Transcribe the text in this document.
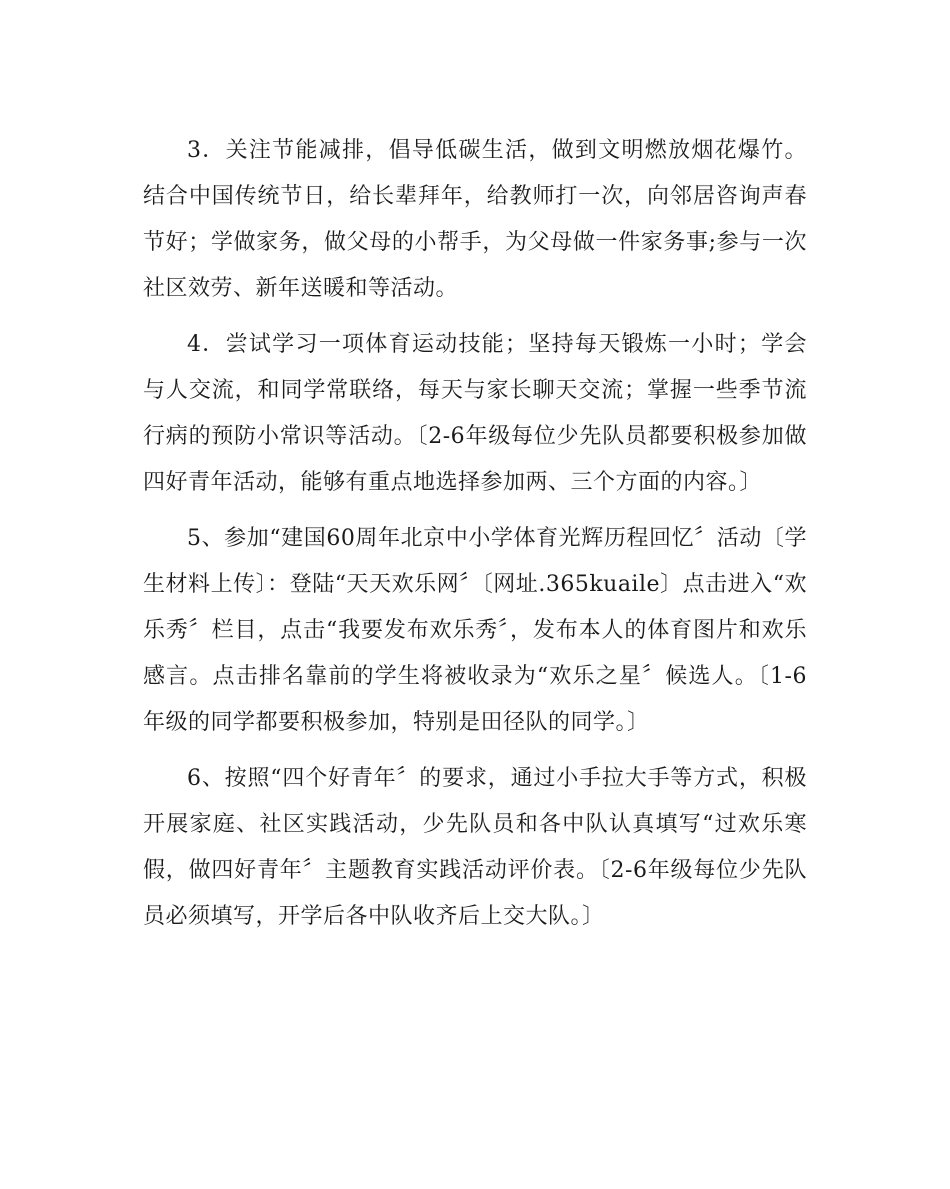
3．关注节能减排，倡导低碳生活，做到文明燃放烟花爆竹。结合中国传统节日，给长辈拜年，给教师打一次，向邻居咨询声春节好；学做家务，做父母的小帮手，为父母做一件家务事;参与一次社区效劳、新年送暖和等活动。

4．尝试学习一项体育运动技能；坚持每天锻炼一小时；学会与人交流，和同学常联络，每天与家长聊天交流；掌握一些季节流行病的预防小常识等活动。〔2-6年级每位少先队员都要积极参加做四好青年活动，能够有重点地选择参加两、三个方面的内容。〕

5、参加“建国60周年北京中小学体育光辉历程回忆〞活动〔学生材料上传〕：登陆“天天欢乐网〞〔网址.365kuaile〕点击进入“欢乐秀〞栏目，点击“我要发布欢乐秀〞，发布本人的体育图片和欢乐感言。点击排名靠前的学生将被收录为“欢乐之星〞候选人。〔1-6年级的同学都要积极参加，特别是田径队的同学。〕

6、按照“四个好青年〞的要求，通过小手拉大手等方式，积极开展家庭、社区实践活动，少先队员和各中队认真填写“过欢乐寒假，做四好青年〞主题教育实践活动评价表。〔2-6年级每位少先队员必须填写，开学后各中队收齐后上交大队。〕
